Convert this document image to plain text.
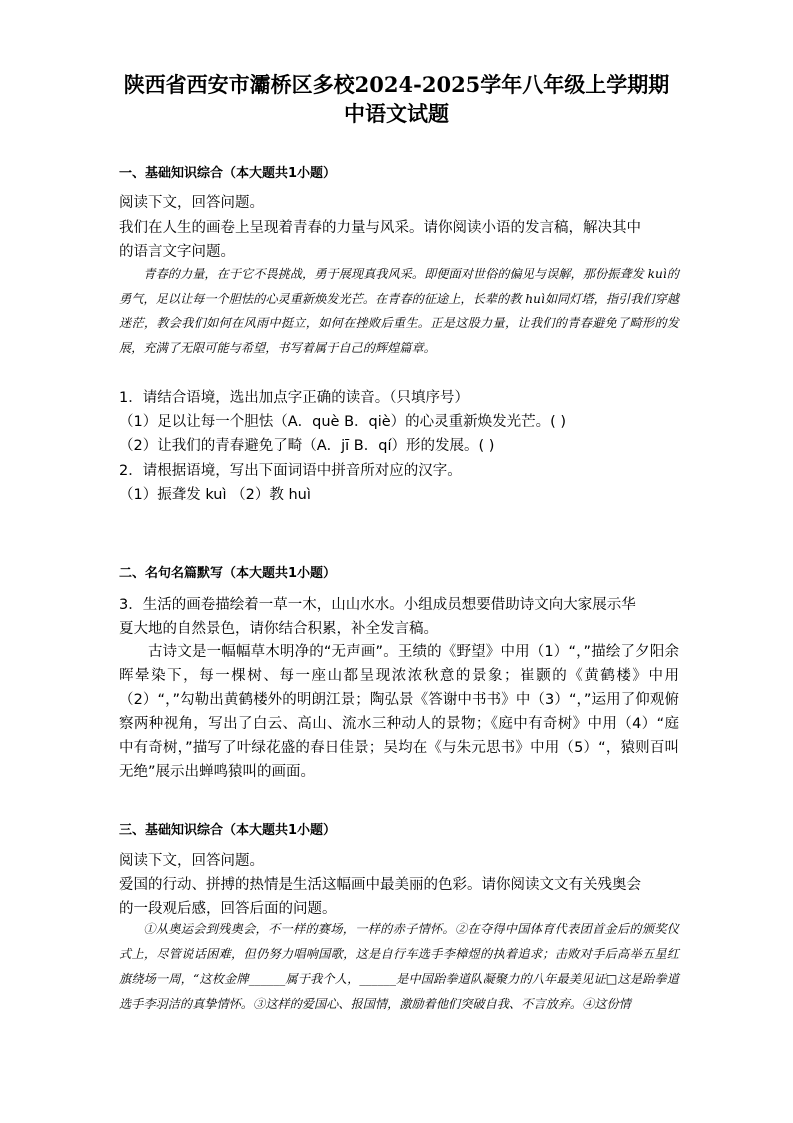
陕西省西安市灞桥区多校2024-2025学年八年级上学期期
中语文试题
一、基础知识综合（本大题共1小题）
阅读下文，回答问题。
我们在人生的画卷上呈现着青春的力量与风采。请你阅读小语的发言稿，解决其中
的语言文字问题。

青春的力量，在于它不畏挑战，勇于展现真我风采。即便面对世俗的偏见与误解，那份振聋发 kuì的勇气，足以让每一个胆怯的心灵重新焕发光芒。在青春的征途上，长辈的教 huì如同灯塔，指引我们穿越迷茫，教会我们如何在风雨中挺立，如何在挫败后重生。正是这股力量，让我们的青春避免了畸形的发展，充满了无限可能与希望，书写着属于自己的辉煌篇章。

1．请结合语境，选出加点字正确的读音。（只填序号）
（1）足以让每一个胆怯（A．què B．qiè）的心灵重新焕发光芒。( )
（2）让我们的青春避免了畸（A．jī B．qí）形的发展。( )
2．请根据语境，写出下面词语中拼音所对应的汉字。
（1）振聋发 kuì （2）教 huì
二、名句名篇默写（本大题共1小题）
3．生活的画卷描绘着一草一木，山山水水。小组成员想要借助诗文向大家展示华
夏大地的自然景色，请你结合积累，补全发言稿。

古诗文是一幅幅草木明净的“无声画”。王绩的《野望》中用（1）“，”描绘了夕阳余晖晕染下，每一棵树、每一座山都呈现浓浓秋意的景象；崔颢的《黄鹤楼》中用（2）“，”勾勒出黄鹤楼外的明朗江景；陶弘景《答谢中书书》中（3）“，”运用了仰观俯察两种视角，写出了白云、高山、流水三种动人的景物；《庭中有奇树》中用（4）“庭中有奇树，”描写了叶绿花盛的春日佳景；吴均在《与朱元思书》中用（5）“，猿则百叫无绝”展示出蝉鸣猿叫的画面。

三、基础知识综合（本大题共1小题）
阅读下文，回答问题。
爱国的行动、拼搏的热情是生活这幅画中最美丽的色彩。请你阅读文文有关残奥会
的一段观后感，回答后面的问题。

①从奥运会到残奥会，不一样的赛场，一样的赤子情怀。②在夺得中国体育代表团首金后的颁奖仪式上，尽管说话困难，但仍努力唱响国歌，这是自行车选手李樟煜的执着追求；击败对手后高举五星红旗绕场一周，“这枚金牌______属于我个人，______是中国跆拳道队凝聚力的八年最美见证□这是跆拳道选手李羽洁的真挚情怀。③这样的爱国心、报国情，激励着他们突破自我、不言放弃。④这份情
